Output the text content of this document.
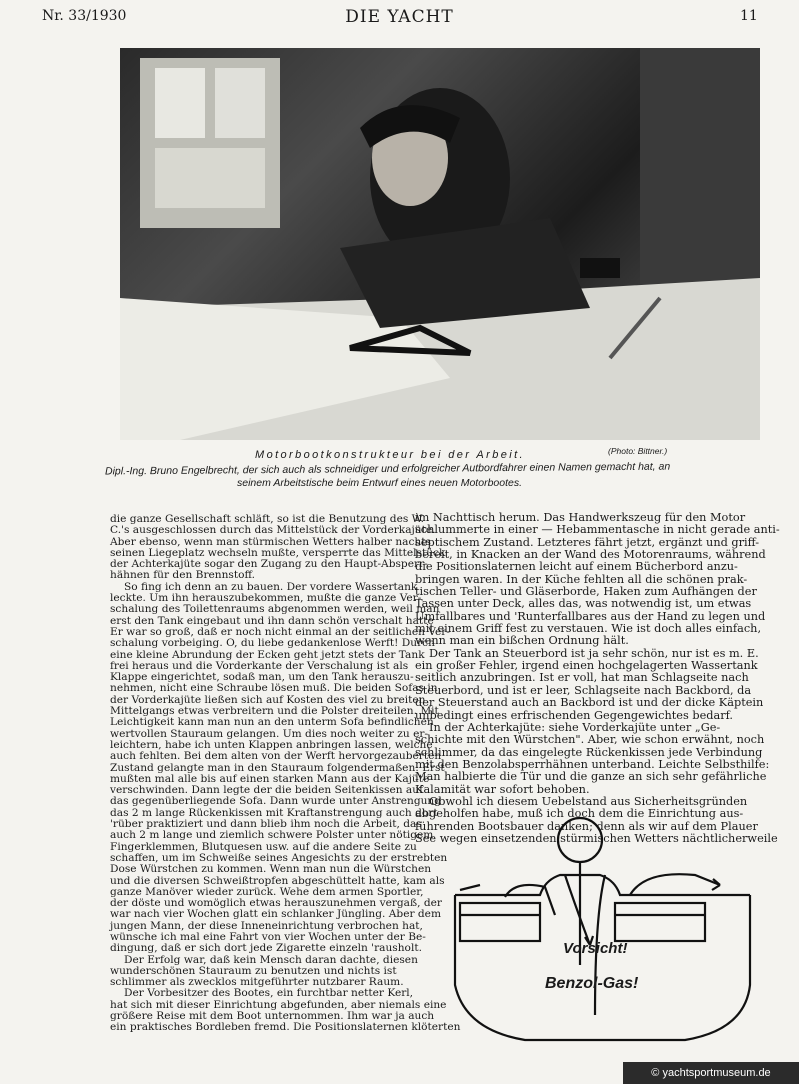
Nr. 33/1930	DIE YACHT	11
Motorbootkonstrukteur bei der Arbeit.	(Photo: Bittner.)
Dipl.-Ing. Bruno Engelbrecht, der sich auch als schneidiger und erfolgreicher Autbordfahrer einen Namen gemacht hat, an
seinem Arbeitstische beim Entwurf eines neuen Motorbootes.
die ganze Gesellschaft schläft, so ist die Benutzung des W.
C.'s ausgeschlossen durch das Mittelstück der Vorderkajüte.
Aber ebenso, wenn man stürmischen Wetters halber nachts
seinen Liegeplatz wechseln mußte, versperrte das Mittelstück
der Achterkajüte sogar den Zugang zu den Haupt-Absperr-
hähnen für den Brennstoff.
So fing ich denn an zu bauen. Der vordere Wassertank
leckte. Um ihn herauszubekommen, mußte die ganze Ver-
schalung des Toilettenraums abgenommen werden, weil man
erst den Tank eingebaut und ihn dann schön verschalt hatte
Er war so groß, daß er noch nicht einmal an der seitlichen Ver-
schalung vorbeiging. O, du liebe gedankenlose Werft! Durch
eine kleine Abrundung der Ecken geht jetzt stets der Tank
frei heraus und die Vorderkante der Verschalung ist als
Klappe eingerichtet, sodaß man, um den Tank herauszu-
nehmen, nicht eine Schraube lösen muß. Die beiden Sofas in
der Vorderkajüte ließen sich auf Kosten des viel zu breiten
Mittelgangs etwas verbreitern und die Polster dreiteilen. Mit
Leichtigkeit kann man nun an den unterm Sofa befindlichen
wertvollen Stauraum gelangen. Um dies noch weiter zu er-
leichtern, habe ich unten Klappen anbringen lassen, welche
auch fehlten. Bei dem alten von der Werft hervorgezauberten
Zustand gelangte man in den Stauraum folgendermaßen: Erst
mußten mal alle bis auf einen starken Mann aus der Kajüte
verschwinden. Dann legte der die beiden Seitenkissen auf
das gegenüberliegende Sofa. Dann wurde unter Anstrengung
das 2 m lange Rückenkissen mit Kraftanstrengung auch dort
'rüber praktiziert und dann blieb ihm noch die Arbeit, das
auch 2 m lange und ziemlich schwere Polster unter nötigem
Fingerklemmen, Blutquesen usw. auf die andere Seite zu
schaffen, um im Schweiße seines Angesichts zu der erstrebten
Dose Würstchen zu kommen. Wenn man nun die Würstchen
und die diversen Schweißtropfen abgeschüttelt hatte, kam als
ganze Manöver wieder zurück. Wehe dem armen Sportler,
der döste und womöglich etwas herauszunehmen vergaß, der
war nach vier Wochen glatt ein schlanker Jüngling. Aber dem
jungen Mann, der diese Inneneinrichtung verbrochen hat,
wünsche ich mal eine Fahrt von vier Wochen unter der Be-
dingung, daß er sich dort jede Zigarette einzeln 'rausholt.
Der Erfolg war, daß kein Mensch daran dachte, diesen
wunderschönen Stauraum zu benutzen und nichts ist
schlimmer als zwecklos mitgeführter nutzbarer Raum.
Der Vorbesitzer des Bootes, ein furchtbar netter Kerl,
hat sich mit dieser Einrichtung abgefunden, aber niemals eine
größere Reise mit dem Boot unternommen. Ihm war ja auch
ein praktisches Bordleben fremd. Die Positionslaternen klöterten
im Nachttisch herum. Das Handwerkszeug für den Motor
schlummerte in einer — Hebammentasche in nicht gerade anti-
septischem Zustand. Letzteres fährt jetzt, ergänzt und griff-
bereit, in Knacken an der Wand des Motorenraums, während
die Positionslaternen leicht auf einem Bücherbord anzu-
bringen waren. In der Küche fehlten all die schönen prak-
tischen Teller- und Gläserborde, Haken zum Aufhängen der
Tassen unter Deck, alles das, was notwendig ist, um etwas
Umfallbares und 'Runterfallbares aus der Hand zu legen und
mit einem Griff fest zu verstauen. Wie ist doch alles einfach,
wenn man ein bißchen Ordnung hält.
Der Tank an Steuerbord ist ja sehr schön, nur ist es m. E.
ein großer Fehler, irgend einen hochgelagerten Wassertank
seitlich anzubringen. Ist er voll, hat man Schlagseite nach
Steuerbord, und ist er leer, Schlagseite nach Backbord, da
der Steuerstand auch an Backbord ist und der dicke Käptein
unbedingt eines erfrischenden Gegengewichtes bedarf.
In der Achterkajüte: siehe Vorderkajüte unter „Ge-
schichte mit den Würstchen". Aber, wie schon erwähnt, noch
schlimmer, da das eingelegte Rückenkissen jede Verbindung
mit den Benzolabsperrhähnen unterband. Leichte Selbsthilfe:
Man halbierte die Tür und die ganze an sich sehr gefährliche
Kalamität war sofort behoben.
Obwohl ich diesem Uebelstand aus Sicherheitsgründen
abgeholfen habe, muß ich doch dem die Einrichtung aus-
führenden Bootsbauer danken; denn als wir auf dem Plauer
See wegen einsetzenden stürmischen Wetters nächtlicherweile
Vorsicht!
Benzol-Gas!
© yachtsportmuseum.de
